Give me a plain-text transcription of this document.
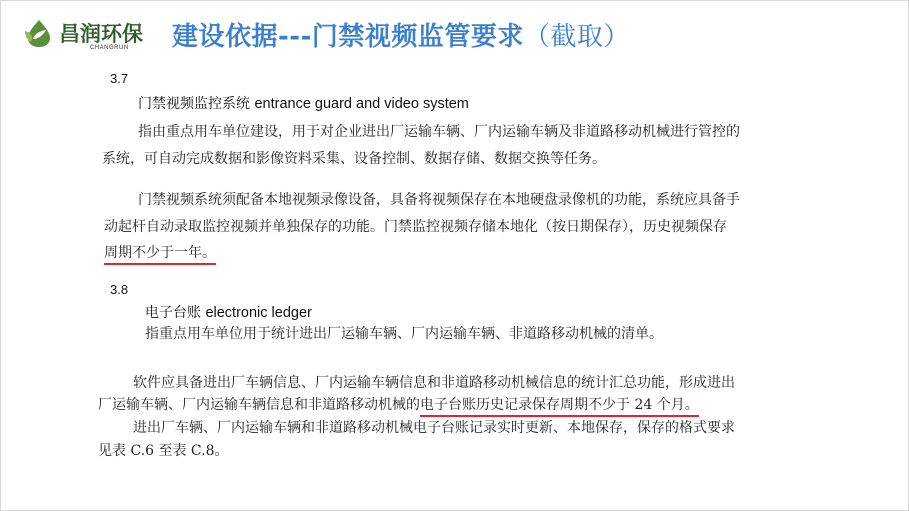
昌润环保
CHANGRUN 建设依据---门禁视频监管要求（截取）
3.7
门禁视频监控系统 entrance guard and video system
指由重点用车单位建设，用于对企业进出厂运输车辆、厂内运输车辆及非道路移动机械进行管控的
系统，可自动完成数据和影像资料采集、设备控制、数据存储、数据交换等任务。
门禁视频系统须配备本地视频录像设备，具备将视频保存在本地硬盘录像机的功能，系统应具备手
动起杆自动录取监控视频并单独保存的功能。门禁监控视频存储本地化（按日期保存），历史视频保存
周期不少于一年。
3.8
电子台账 electronic ledger
指重点用车单位用于统计进出厂运输车辆、厂内运输车辆、非道路移动机械的清单。
软件应具备进出厂车辆信息、厂内运输车辆信息和非道路移动机械信息的统计汇总功能，形成进出
厂运输车辆、厂内运输车辆信息和非道路移动机械的电子台账历史记录保存周期不少于 24 个月。
进出厂车辆、厂内运输车辆和非道路移动机械电子台账记录实时更新、本地保存，保存的格式要求
见表 C.6 至表 C.8。
